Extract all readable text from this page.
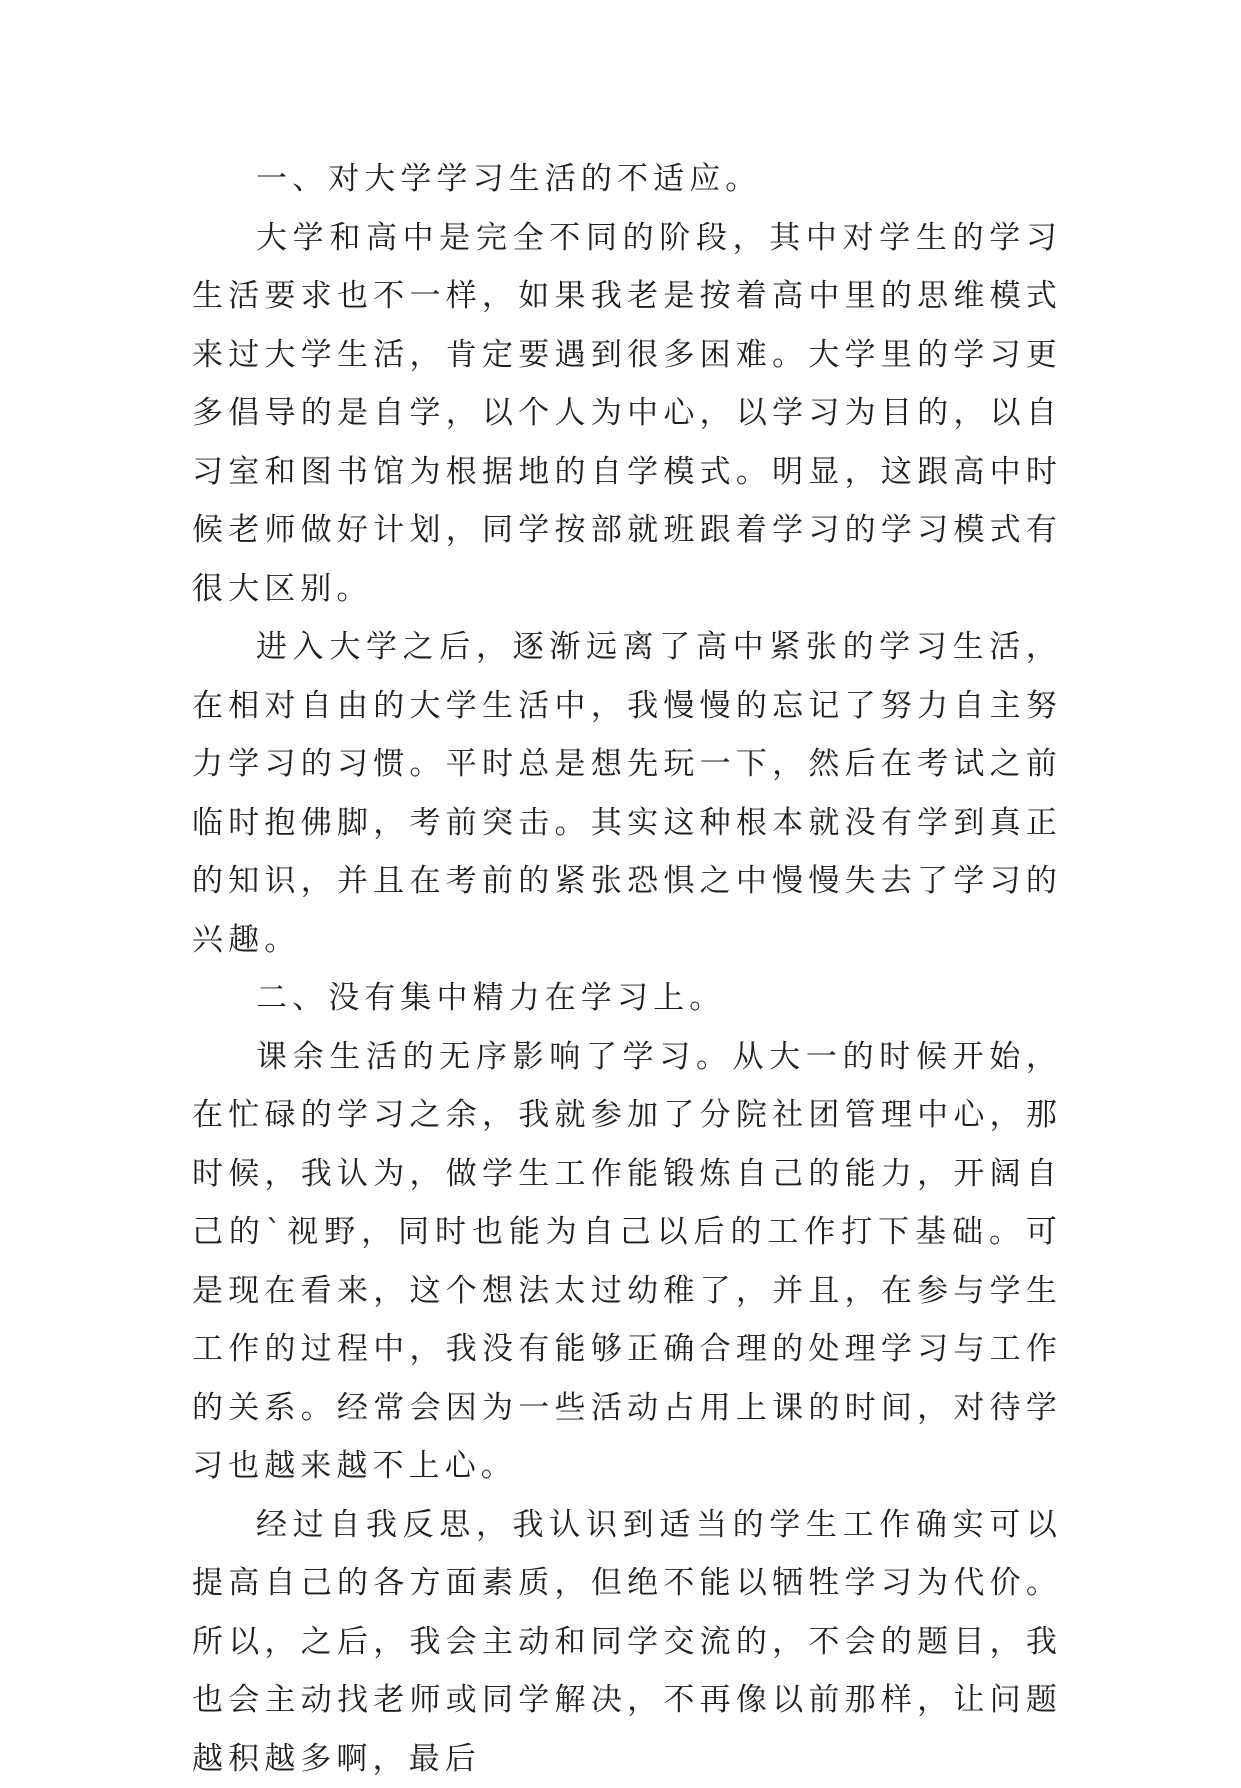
一、对大学学习生活的不适应。

大学和高中是完全不同的阶段，其中对学生的学习生活要求也不一样，如果我老是按着高中里的思维模式来过大学生活，肯定要遇到很多困难。大学里的学习更多倡导的是自学，以个人为中心，以学习为目的，以自习室和图书馆为根据地的自学模式。明显，这跟高中时候老师做好计划，同学按部就班跟着学习的学习模式有很大区别。

进入大学之后，逐渐远离了高中紧张的学习生活，在相对自由的大学生活中，我慢慢的忘记了努力自主努力学习的习惯。平时总是想先玩一下，然后在考试之前临时抱佛脚，考前突击。其实这种根本就没有学到真正的知识，并且在考前的紧张恐惧之中慢慢失去了学习的兴趣。

二、没有集中精力在学习上。

课余生活的无序影响了学习。从大一的时候开始，在忙碌的学习之余，我就参加了分院社团管理中心，那时候，我认为，做学生工作能锻炼自己的能力，开阔自己的`视野，同时也能为自己以后的工作打下基础。可是现在看来，这个想法太过幼稚了，并且，在参与学生工作的过程中，我没有能够正确合理的处理学习与工作的关系。经常会因为一些活动占用上课的时间，对待学习也越来越不上心。

经过自我反思，我认识到适当的学生工作确实可以提高自己的各方面素质，但绝不能以牺牲学习为代价。所以，之后，我会主动和同学交流的，不会的题目，我也会主动找老师或同学解决，不再像以前那样，让问题越积越多啊，最后
